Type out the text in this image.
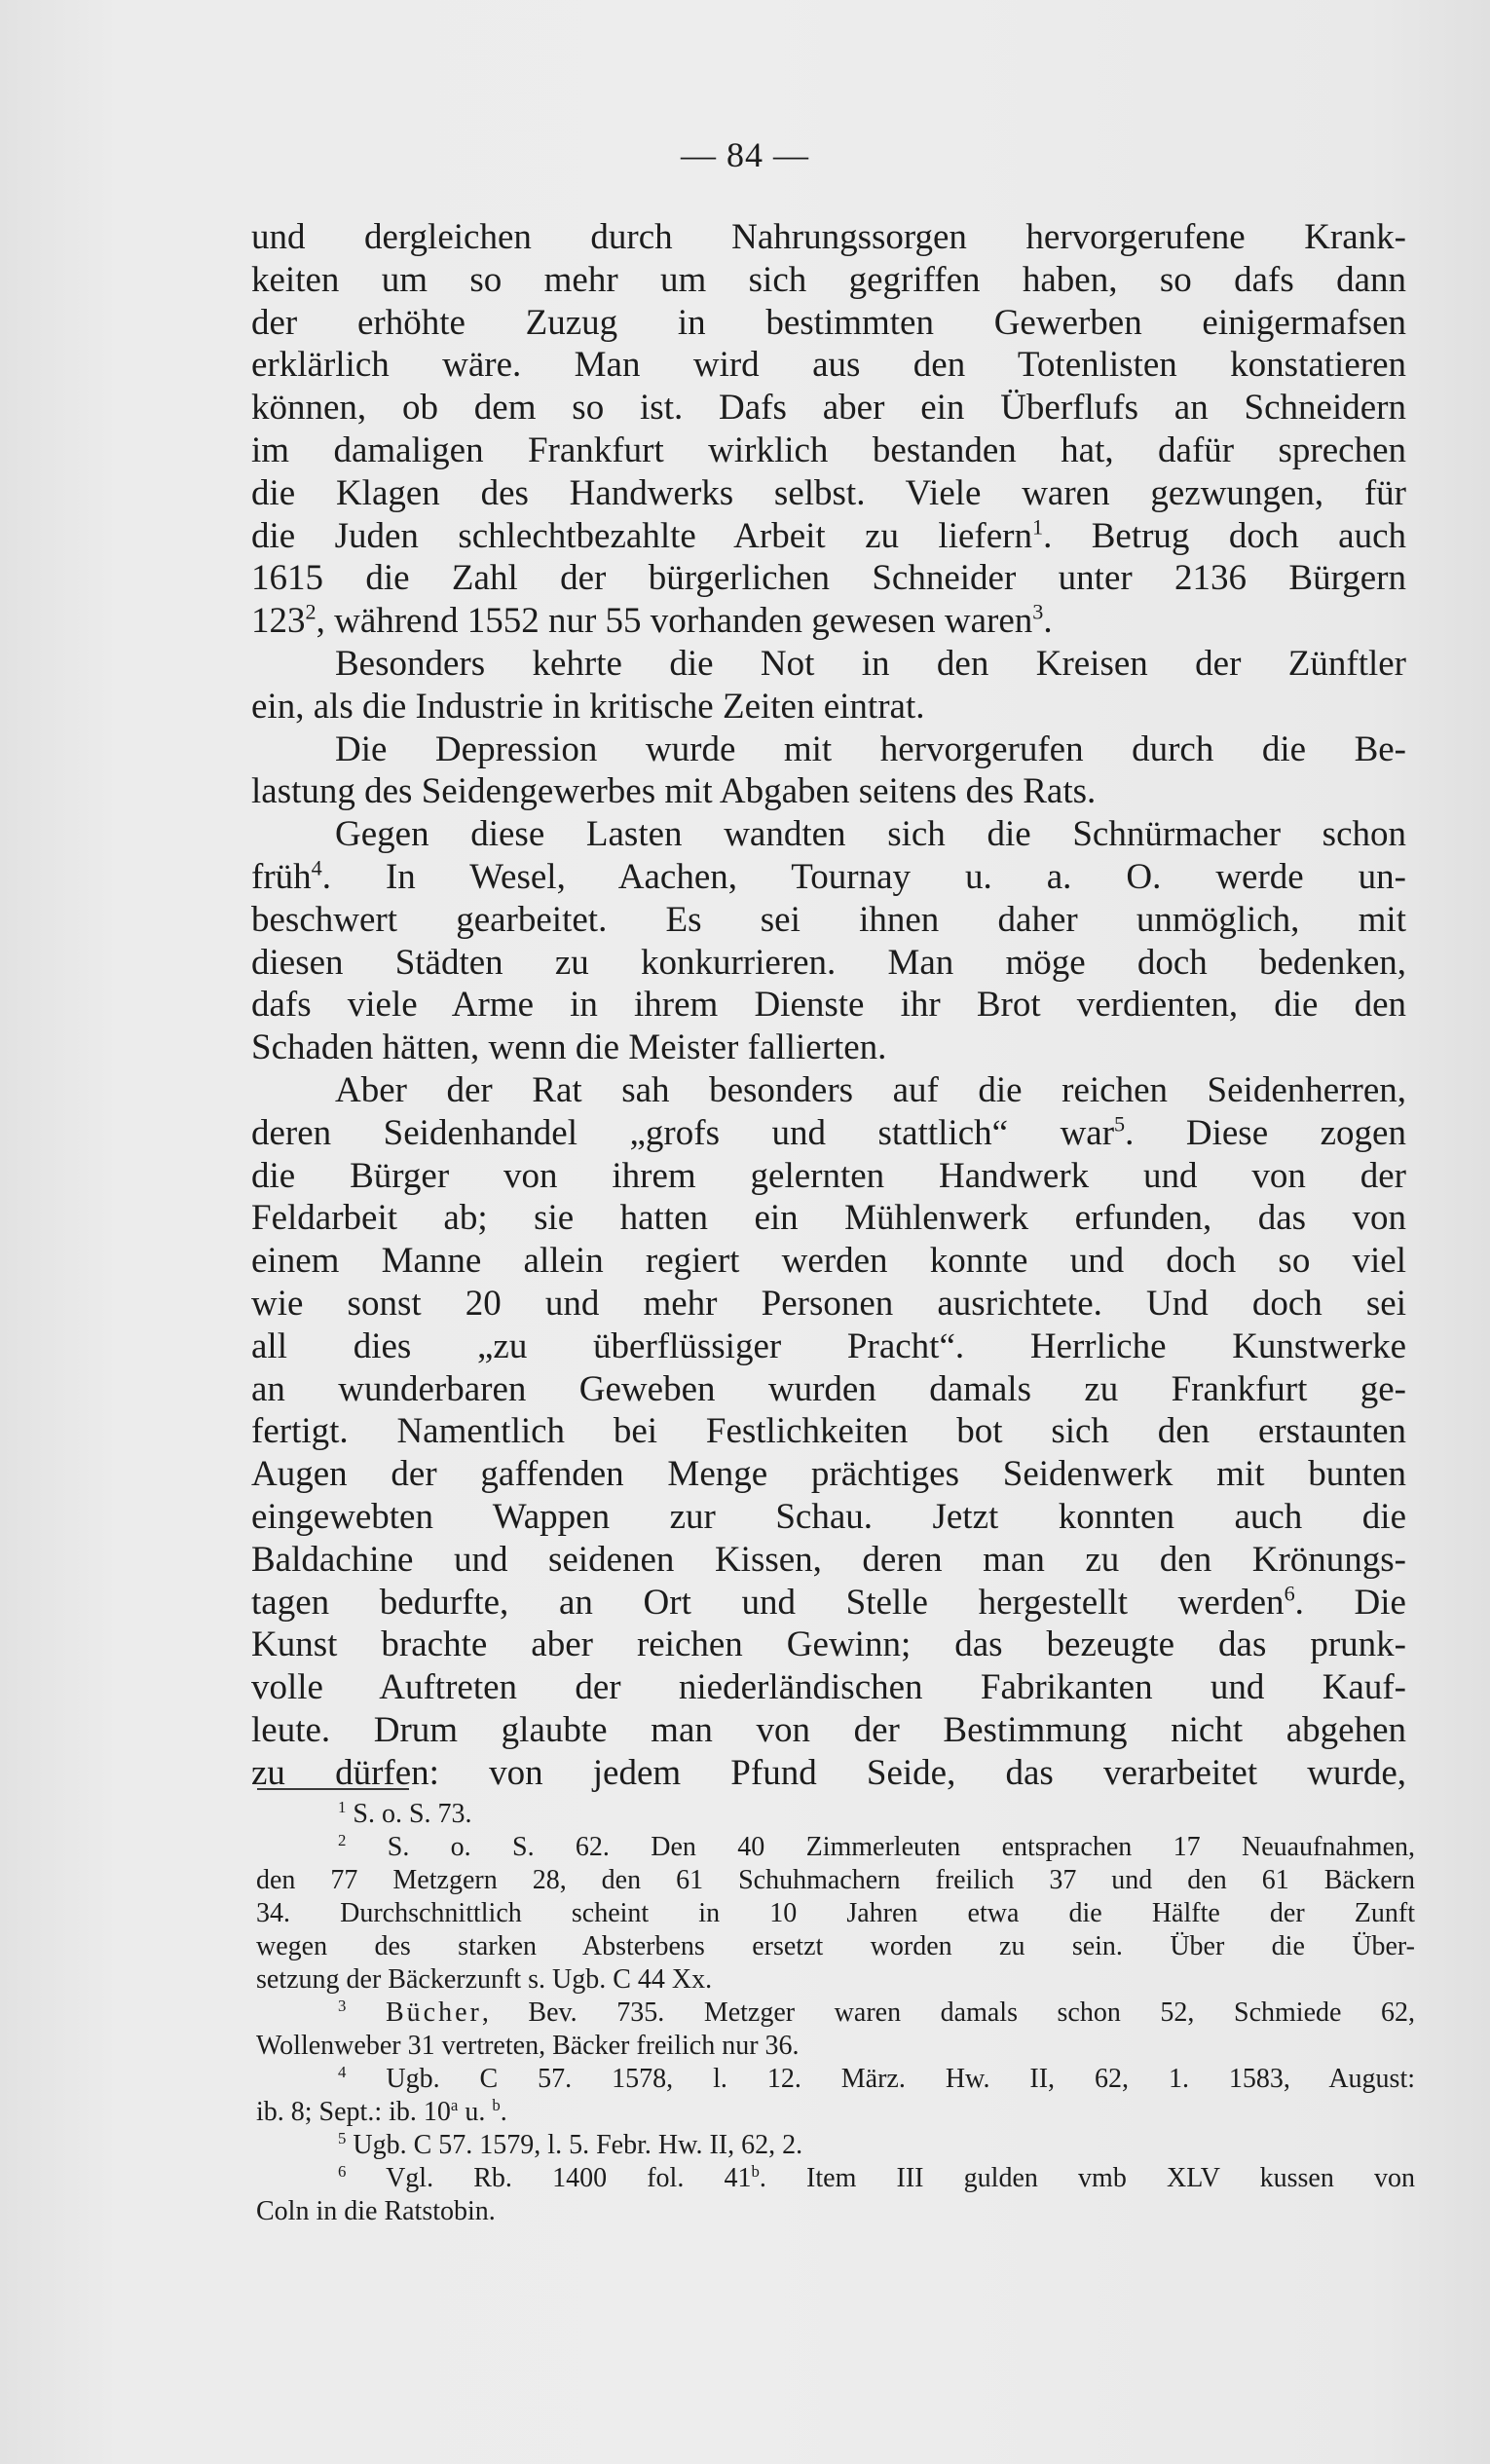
— 84 —
und dergleichen durch Nahrungssorgen hervorgerufene Krank-
keiten um so mehr um sich gegriffen haben, so dafs dann
der erhöhte Zuzug in bestimmten Gewerben einigermafsen
erklärlich wäre. Man wird aus den Totenlisten konstatieren
können, ob dem so ist. Dafs aber ein Überflufs an Schneidern
im damaligen Frankfurt wirklich bestanden hat, dafür sprechen
die Klagen des Handwerks selbst. Viele waren gezwungen, für
die Juden schlechtbezahlte Arbeit zu liefern$^1$. Betrug doch auch
1615 die Zahl der bürgerlichen Schneider unter 2136 Bürgern
$123^2$, während 1552 nur 55 vorhanden gewesen waren$^3$.
Besonders kehrte die Not in den Kreisen der Zünftler
ein, als die Industrie in kritische Zeiten eintrat.
Die Depression wurde mit hervorgerufen durch die Be-
lastung des Seidengewerbes mit Abgaben seitens des Rats.
Gegen diese Lasten wandten sich die Schnürmacher schon
früh$^4$. In Wesel, Aachen, Tournay u. a. O. werde un-
beschwert gearbeitet. Es sei ihnen daher unmöglich, mit
diesen Städten zu konkurrieren. Man möge doch bedenken,
dafs viele Arme in ihrem Dienste ihr Brot verdienten, die den
Schaden hätten, wenn die Meister fallierten.
Aber der Rat sah besonders auf die reichen Seidenherren,
deren Seidenhandel „grofs und stattlich“ war$^5$. Diese zogen
die Bürger von ihrem gelernten Handwerk und von der
Feldarbeit ab; sie hatten ein Mühlenwerk erfunden, das von
einem Manne allein regiert werden konnte und doch so viel
wie sonst 20 und mehr Personen ausrichtete. Und doch sei
all dies „zu überflüssiger Pracht“. Herrliche Kunstwerke
an wunderbaren Geweben wurden damals zu Frankfurt ge-
fertigt. Namentlich bei Festlichkeiten bot sich den erstaunten
Augen der gaffenden Menge prächtiges Seidenwerk mit bunten
eingewebten Wappen zur Schau. Jetzt konnten auch die
Baldachine und seidenen Kissen, deren man zu den Krönungs-
tagen bedurfte, an Ort und Stelle hergestellt werden$^6$. Die
Kunst brachte aber reichen Gewinn; das bezeugte das prunk-
volle Auftreten der niederländischen Fabrikanten und Kauf-
leute. Drum glaubte man von der Bestimmung nicht abgehen
zu dürfen: von jedem Pfund Seide, das verarbeitet wurde,
$^1$ S. o. S. 73.
$^2$ S. o. S. 62. Den 40 Zimmerleuten entsprachen 17 Neuaufnahmen,
den 77 Metzgern 28, den 61 Schuhmachern freilich 37 und den 61 Bäckern
34. Durchschnittlich scheint in 10 Jahren etwa die Hälfte der Zunft
wegen des starken Absterbens ersetzt worden zu sein. Über die Über-
setzung der Bäckerzunft s. Ugb. C 44 Xx.
$^3$ Bücher, Bev. 735. Metzger waren damals schon 52, Schmiede 62,
Wollenweber 31 vertreten, Bäcker freilich nur 36.
$^4$ Ugb. C 57. 1578, l. 12. März. Hw. II, 62, 1. 1583, August:
ib. 8; Sept.: ib. 10$^a$ u. $^b$.
$^5$ Ugb. C 57. 1579, l. 5. Febr. Hw. II, 62, 2.
$^6$ Vgl. Rb. 1400 fol. 41$^b$. Item III gulden vmb XLV kussen von
Coln in die Ratstobin.
